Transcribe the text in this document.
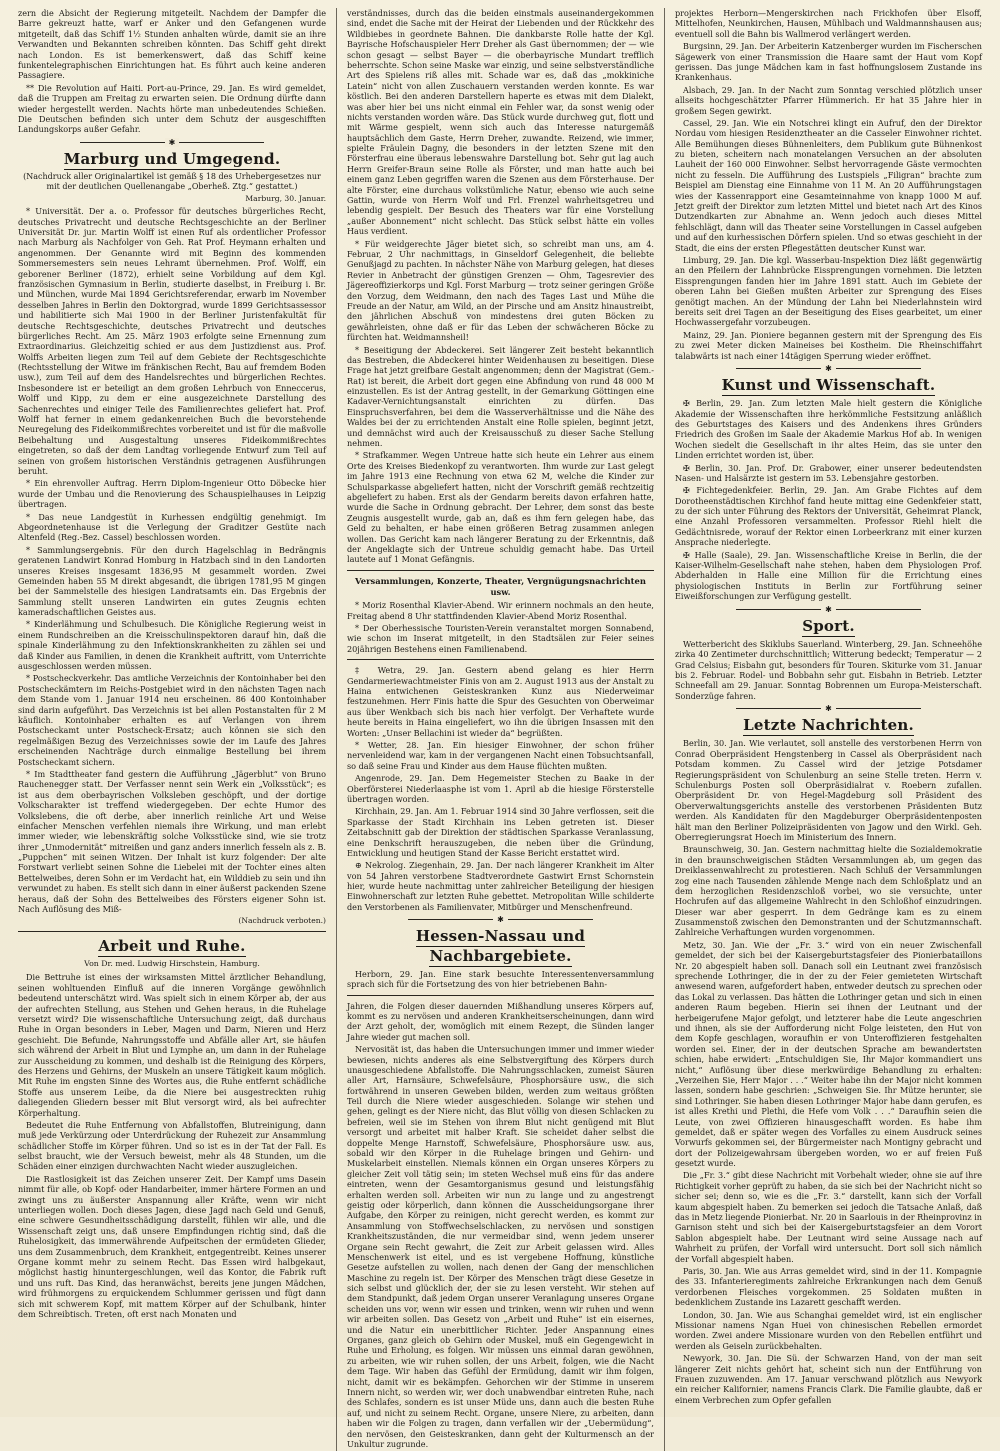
zern die Absicht der Regierung mitgeteilt. Nachdem der Dampfer die Barre gekreuzt hatte, warf er Anker und den Gefangenen wurde mitgeteilt, daß das Schiff 1½ Stunden anhalten würde, damit sie an ihre Verwandten und Bekannten schreiben könnten. Das Schiff geht direkt nach London. Es ist bemerkenswert, daß das Schiff keine funkentelegraphischen Einrichtungen hat. Es führt auch keine anderen Passagiere.

** Die Revolution auf Haiti. Port-au-Prince, 29. Jan. Es wird gemeldet, daß die Truppen am Freitag zu erwarten seien. Die Ordnung dürfte dann wieder hergestellt werden. Nachts hörte man unbedeutendes Schießen. Die Deutschen befinden sich unter dem Schutz der ausgeschifften Landungskorps außer Gefahr.

✱
Marburg und Umgegend.

(Nachdruck aller Originalartikel ist gemäß § 18 des Urhebergesetzes nur mit der deutlichen Quellenangabe „Oberheß. Ztg.“ gestattet.)

Marburg, 30. Januar.

* Universität. Der a. o. Professor für deutsches bürgerliches Recht, deutsches Privatrecht und deutsche Rechtsgeschichte an der Berliner Universität Dr. jur. Martin Wolff ist einen Ruf als ordentlicher Professor nach Marburg als Nachfolger von Geh. Rat Prof. Heymann erhalten und angenommen. Der Genannte wird mit Beginn des kommenden Sommersemesters sein neues Lehramt übernehmen. Prof. Wolff, ein geborener Berliner (1872), erhielt seine Vorbildung auf dem Kgl. französischen Gymnasium in Berlin, studierte daselbst, in Freiburg i. Br. und München, wurde Mai 1894 Gerichtsreferendar, erwarb im November desselben Jahres in Berlin den Doktorgrad, wurde 1899 Gerichtsassessor und habilitierte sich Mai 1900 in der Berliner Juristenfakultät für deutsche Rechtsgeschichte, deutsches Privatrecht und deutsches bürgerliches Recht. Am 25. März 1903 erfolgte seine Ernennung zum Extraordinarius. Gleichzeitig schied er aus dem Justizdienst aus. Prof. Wolffs Arbeiten liegen zum Teil auf dem Gebiete der Rechtsgeschichte (Rechtsstellung der Witwe im fränkischen Recht, Bau auf fremdem Boden usw.), zum Teil auf dem des Handelsrechtes und bürgerlichen Rechtes. Insbesondere ist er beteiligt an dem großen Lehrbuch von Enneccerus, Wolff und Kipp, zu dem er eine ausgezeichnete Darstellung des Sachenrechtes und einiger Teile des Familienrechtes geliefert hat. Prof. Wolff hat ferner in einem gedankenreichen Buch die bevorstehende Neuregelung des Fideikommißrechtes vorbereitet und ist für die maßvolle Beibehaltung und Ausgestaltung unseres Fideikommißrechtes eingetreten, so daß der dem Landtag vorliegende Entwurf zum Teil auf seinen von großem historischen Verständnis getragenen Ausführungen beruht.

* Ein ehrenvoller Auftrag. Herrn Diplom-Ingenieur Otto Döbecke hier wurde der Umbau und die Renovierung des Schauspielhauses in Leipzig übertragen.

* Das neue Landgestüt in Kurhessen endgültig genehmigt. Im Abgeordnetenhause ist die Verlegung der Graditzer Gestüte nach Altenfeld (Reg.-Bez. Cassel) beschlossen worden.

* Sammlungsergebnis. Für den durch Hagelschlag in Bedrängnis geratenen Landwirt Konrad Homburg in Hatzbach sind in den Landorten unseres Kreises insgesamt 1836,95 M gesammelt worden. Zwei Gemeinden haben 55 M direkt abgesandt, die übrigen 1781,95 M gingen bei der Sammelstelle des hiesigen Landratsamts ein. Das Ergebnis der Sammlung stellt unseren Landwirten ein gutes Zeugnis echten kameradschaftlichen Geistes aus.

* Kinderlähmung und Schulbesuch. Die Königliche Regierung weist in einem Rundschreiben an die Kreisschulinspektoren darauf hin, daß die spinale Kinderlähmung zu den Infektionskrankheiten zu zählen sei und daß Kinder aus Familien, in denen die Krankheit auftritt, vom Unterrichte ausgeschlossen werden müssen.

* Postscheckverkehr. Das amtliche Verzeichnis der Kontoinhaber bei den Postscheckämtern im Reichs-Postgebiet wird in den nächsten Tagen nach dem Stande vom 1. Januar 1914 neu erscheinen. 86 400 Kontoinhaber sind darin aufgeführt. Das Verzeichnis ist bei allen Postanstalten für 2 M käuflich. Kontoinhaber erhalten es auf Verlangen von ihrem Postscheckamt unter Postscheck-Ersatz; auch können sie sich den regelmäßigen Bezug des Verzeichnisses sowie der im Laufe des Jahres erscheinenden Nachträge durch einmalige Bestellung bei ihrem Postscheckamt sichern.

* Im Stadttheater fand gestern die Aufführung „Jägerblut“ von Bruno Rauchenegger statt. Der Verfasser nennt sein Werk ein „Volksstück“; es ist aus dem oberbayrischen Volksleben geschöpft, und der dortige Volkscharakter ist treffend wiedergegeben. Der echte Humor des Volkslebens, die oft derbe, aber innerlich reinliche Art und Weise einfacher Menschen verfehlen niemals ihre Wirkung, und man erlebt immer wieder, wie lebenskräftig solche Volksstücke sind, wie sie trotz ihrer „Unmodernität“ mitreißen und ganz anders innerlich fesseln als z. B. „Puppchen“ mit seinen Witzen. Der Inhalt ist kurz folgender: Der alte Forstwart verliebt seinen Sohne die Liebelei mit der Tochter eines alten Bettelweibes, deren Sohn er im Verdacht hat, ein Wilddieb zu sein und ihn verwundet zu haben. Es stellt sich dann in einer äußerst packenden Szene heraus, daß der Sohn des Bettelweibes des Försters eigener Sohn ist. Nach Auflösung des Miß-

(Nachdruck verboten.)
Arbeit und Ruhe.
Von Dr. med. Ludwig Hirschstein, Hamburg.

Die Bettruhe ist eines der wirksamsten Mittel ärztlicher Behandlung, seinen wohltuenden Einfluß auf die inneren Vorgänge gewöhnlich bedeutend unterschätzt wird. Was spielt sich in einem Körper ab, der aus der aufrechten Stellung, aus Stehen und Gehen heraus, in die Ruhelage versetzt wird? Die wissenschaftliche Untersuchung zeigt, daß durchaus Ruhe in Organ besonders in Leber, Magen und Darm, Nieren und Herz geschieht. Die Befunde, Nahrungsstoffe und Abfälle aller Art, sie häufen sich während der Arbeit in Blut und Lymphe an, um dann in der Ruhelage zur Ausscheidung zu kommen, und deshalb ist die Reinigung des Körpers, des Herzens und Gehirns, der Muskeln an unsere Tätigkeit kaum möglich. Mit Ruhe im engsten Sinne des Wortes aus, die Ruhe entfernt schädliche Stoffe aus unserem Leibe, da die Niere bei ausgestreckten ruhig daliegenden Gliedern besser mit Blut versorgt wird, als bei aufrechter Körperhaltung.

Bedeutet die Ruhe Entfernung von Abfallstoffen, Blutreinigung, dann muß jede Verkürzung oder Unterdrückung der Ruhezeit zur Ansammlung schädlicher Stoffe im Körper führen. Und so ist es in der Tat der Fall. Es selbst braucht, wie der Versuch beweist, mehr als 48 Stunden, um die Schäden einer einzigen durchwachten Nacht wieder auszugleichen.

Die Rastlosigkeit ist das Zeichen unserer Zeit. Der Kampf ums Dasein nimmt für alle, ob Kopf- oder Handarbeiter, immer härtere Formen an und zwingt uns zu äußerster Anspannung aller Kräfte, wenn wir nicht unterliegen wollen. Doch dieses Jagen, diese Jagd nach Geld und Genuß, eine schwere Gesundheitsschädigung darstellt, fühlen wir alle, und die Wissenschaft zeigt uns, daß unsere Empfindungen richtig sind, daß die Ruhelosigkeit, das immerwährende Aufpeitschen der ermüdeten Glieder, uns dem Zusammenbruch, dem Krankheit, entgegentreibt. Keines unserer Organe kommt mehr zu seinem Recht. Das Essen wird halbgekaut, möglichst hastig hinuntergeschlungen, weil das Kontor, die Fabrik ruft und uns ruft. Das Kind, das heranwächst, bereits jene jungen Mädchen, wird frühmorgens zu erquickendem Schlummer gerissen und fügt dann sich mit schwerem Kopf, mit mattem Körper auf der Schulbank, hinter dem Schreibtisch. Treten, oft erst nach Monaten und

verständnisses, durch das die beiden einstmals auseinandergekommen sind, endet die Sache mit der Heirat der Liebenden und der Rückkehr des Wildbiebes in geordnete Bahnen. Die dankbarste Rolle hatte der Kgl. Bayrische Hofschauspieler Herr Dreher als Gast übernommen; der — wie schon gesagt — selbst Bayer — die oberbayrische Mundart trefflich beherrschte. Schon seine Maske war einzig, und seine selbstverständliche Art des Spielens riß alles mit. Schade war es, daß das „mokkiniche Latein“ nicht von allen Zuschauern verstanden werden konnte. Es war köstlich. Bei den anderen Darstellern haperte es etwas mit dem Dialekt, was aber hier bei uns nicht einmal ein Fehler war, da sonst wenig oder nichts verstanden worden wäre. Das Stück wurde durchweg gut, flott und mit Wärme gespielt, wenn sich auch das Interesse naturgemäß hauptsächlich dem Gaste, Herrn Dreher, zuwandte. Reizend, wie immer, spielte Fräulein Dagny, die besonders in der letzten Szene mit den Försterfrau eine überaus lebenswahre Darstellung bot. Sehr gut lag auch Herrn Greifer-Braun seine Rolle als Förster, und man hatte auch bei einem ganz Leben gegriffen waren die Szenen aus dem Försterhause. Der alte Förster, eine durchaus volkstümliche Natur, ebenso wie auch seine Gattin, wurde von Herrn Wolf und Frl. Frenzel wahrheitsgetreu und lebendig gespielt. Der Besuch des Theaters war für eine Vorstellung „außer Abonnement“ nicht schlecht. Das Stück selbst hätte ein volles Haus verdient.

* Für weidgerechte Jäger bietet sich, so schreibt man uns, am 4. Februar, 2 Uhr nachmittags, in Ginseldorf Gelegenheit, die beliebte Genußjagd zu pachten. In nächster Nähe von Marburg gelegen, hat dieses Revier in Anbetracht der günstigen Grenzen — Ohm, Tagesrevier des Jägereoffizierkorps und Kgl. Forst Marburg — trotz seiner geringen Größe den Vorzug, dem Weidmann, den nach des Tages Last und Mühe die Freude an der Natur, am Wild, an der Pirsche und am Ansitz hinaustreibt, den jährlichen Abschuß von mindestens drei guten Böcken zu gewährleisten, ohne daß er für das Leben der schwächeren Böcke zu fürchten hat. Weidmannsheil!

* Beseitigung der Abdeckerei. Seit längerer Zeit besteht bekanntlich das Bestreben, die Abdeckerei hinter Weidenhausen zu beseitigen. Diese Frage hat jetzt greifbare Gestalt angenommen; denn der Magistrat (Gem.-Rat) ist bereit, die Arbeit dort gegen eine Abfindung von rund 48 000 M einzustellen. Es ist der Antrag gestellt, in der Gemarkung Göttingen eine Kadaver-Vernichtungsanstalt einrichten zu dürfen. Das Einspruchsverfahren, bei dem die Wasserverhältnisse und die Nähe des Waldes bei der zu errichtenden Anstalt eine Rolle spielen, beginnt jetzt, und demnächst wird auch der Kreisausschuß zu dieser Sache Stellung nehmen.

* Strafkammer. Wegen Untreue hatte sich heute ein Lehrer aus einem Orte des Kreises Biedenkopf zu verantworten. Ihm wurde zur Last gelegt im Jahre 1913 eine Rechnung von etwa 62 M, welche die Kinder zur Schulsparkasse abgeliefert hatten, nicht der Vorschrift gemäß rechtzeitig abgeliefert zu haben. Erst als der Gendarm bereits davon erfahren hatte, wurde die Sache in Ordnung gebracht. Der Lehrer, dem sonst das beste Zeugnis ausgestellt wurde, gab an, daß es ihm fern gelegen habe, das Geld zu behalten, er habe einen größeren Betrag zusammen anlegen wollen. Das Gericht kam nach längerer Beratung zu der Erkenntnis, daß der Angeklagte sich der Untreue schuldig gemacht habe. Das Urteil lautete auf 1 Monat Gefängnis.

Versammlungen, Konzerte, Theater, Vergnügungsnachrichten usw.

* Moriz Rosenthal Klavier-Abend. Wir erinnern nochmals an den heute, Freitag abend 8 Uhr stattfindenden Klavier-Abend Moriz Rosenthal.

* Der Oberhessische Touristen-Verein veranstaltet morgen Sonnabend, wie schon im Inserat mitgeteilt, in den Stadtsälen zur Feier seines 20jährigen Bestehens einen Familienabend.

‡ Wetra, 29. Jan. Gestern abend gelang es hier Herrn Gendarmeriewachtmeister Finis von am 2. August 1913 aus der Anstalt zu Haina entwichenen Geisteskranken Kunz aus Niederweimar festzunehmen. Herr Finis hatte die Spur des Gesuchten von Oberweimar aus über Wenkbach sich bis nach hier verfolgt. Der Verhaftete wurde heute bereits in Haina eingeliefert, wo ihn die übrigen Insassen mit den Worten: „Unser Bellachini ist wieder da“ begrüßten.

* Wetter, 28. Jan. Ein hiesiger Einwohner, der schon früher nervenleidend war, kam in der vergangenen Nacht einen Tobsuchtsanfall, so daß seine Frau und Kinder aus dem Hause flüchten mußten.

Angenrode, 29. Jan. Dem Hegemeister Stechen zu Baake in der Oberförsterei Niederlaasphe ist vom 1. April ab die hiesige Försterstelle übertragen worden.

Kirchhain, 29. Jan. Am 1. Februar 1914 sind 30 Jahre verflossen, seit die Sparkasse der Stadt Kirchhain ins Leben getreten ist. Dieser Zeitabschnitt gab der Direktion der städtischen Sparkasse Veranlassung, eine Denkschrift herauszugeben, die neben über die Gründung, Entwicklung und heutigen Stand der Kasse Bericht erstattet wird.

⊕ Nekrolog. Ziegenhain, 29. Jan. Der nach längerer Krankheit im Alter von 54 Jahren verstorbene Stadtverordnete Gastwirt Ernst Schornstein hier, wurde heute nachmittag unter zahlreicher Beteiligung der hiesigen Einwohnerschaft zur letzten Ruhe gebettet. Metropolitan Wille schilderte den Verstorbenen als Familienvater, Mitbürger und Menschenfreund.

✱
Hessen-Nassau und Nachbargebiete.

Herborn, 29. Jan. Eine stark besuchte Interessentenversammlung sprach sich für die Fortsetzung des von hier betriebenen Bahn-

Jahren, die Folgen dieser dauernden Mißhandlung unseres Körpers auf, kommt es zu nervösen und anderen Krankheitserscheinungen, dann wird der Arzt geholt, der, womöglich mit einem Rezept, die Sünden langer Jahre wieder gut machen soll.

Nervosität ist, das haben die Untersuchungen immer und immer wieder bewiesen, nichts anderes als eine Selbstvergiftung des Körpers durch unausgeschiedene Abfallstoffe. Die Nahrungsschlacken, zumeist Säuren aller Art, Harnsäure, Schwefelsäure, Phosphorsäure usw., die sich fortwährend in unseren Geweben bilden, werden zum weitaus größten Teil durch die Niere wieder ausgeschieden. Solange wir stehen und gehen, gelingt es der Niere nicht, das Blut völlig von diesen Schlacken zu befreien, weil sie im Stehen von ihrem Blut nicht genügend mit Blut versorgt und arbeitet mit halber Kraft. Sie scheidet daher selbst die doppelte Menge Harnstoff, Schwefelsäure, Phosphorsäure usw. aus, sobald wir den Körper in die Ruhelage bringen und Gehirn- und Muskelarbeit einstellen. Niemals können ein Organ unseres Körpers zu gleicher Zeit voll tätig sein; im steten Wechsel muß eins für das andere eintreten, wenn der Gesamtorganismus gesund und leistungsfähig erhalten werden soll. Arbeiten wir nun zu lange und zu angestrengt geistig oder körperlich, dann können die Ausscheidungsorgane ihrer Aufgabe, den Körper zu reinigen, nicht gerecht werden, es kommt zur Ansammlung von Stoffwechselschlacken, zu nervösen und sonstigen Krankheitszuständen, die nur vermeidbar sind, wenn jedem unserer Organe sein Recht gewahrt, die Zeit zur Arbeit gelassen wird. Alles Menschenwerk ist eitel, und es ist vergebene Hoffnung, künstliche Gesetze aufstellen zu wollen, nach denen der Gang der menschlichen Maschine zu regeln ist. Der Körper des Menschen trägt diese Gesetze in sich selbst und glücklich der, der sie zu lesen versteht. Wir stehen auf dem Standpunkt, daß jedem Organ unserer Veranlagung unseres Organe scheiden uns vor, wenn wir essen und trinken, wenn wir ruhen und wenn wir arbeiten sollen. Das Gesetz von „Arbeit und Ruhe“ ist ein eisernes, und die Natur ein unerbittlicher Richter. Jeder Anspannung eines Organes, ganz gleich ob Gehirn oder Muskel, muß ein Gegengewicht in Ruhe und Erholung, es folgen. Wir müssen uns einmal daran gewöhnen, zu arbeiten, wie wir ruhen sollen, der uns Arbeit, folgen, wie die Nacht dem Tage. Wir haben das Gefühl der Ermüdung, damit wir ihm folgen, nicht, damit wir es bekämpfen. Gehorchen wir der Stimme in unserem Innern nicht, so werden wir, wer doch unabwendbar eintreten Ruhe, nach des Schlafes, sondern es ist unser Müde uns, dann auch die besten Ruhe auf, und nicht zu seinem Recht. Organe, unsere Niere, zu arbeiten, dann haben wir die Folgen zu tragen, dann verfallen wir der „Uebermüdung“, den nervösen, den Geisteskranken, dann geht der Kulturmensch an der Unkultur zugrunde.

projektes Herborn—Mengerskirchen nach Frickhofen über Elsoff, Mittelhofen, Neunkirchen, Hausen, Mühlbach und Waldmannshausen aus; eventuell soll die Bahn bis Wallmerod verlängert werden.

Burgsinn, 29. Jan. Der Arbeiterin Katzenberger wurden im Fischerschen Sägewerk von einer Transmission die Haare samt der Haut vom Kopf gerissen. Das junge Mädchen kam in fast hoffnungslosem Zustande ins Krankenhaus.

Alsbach, 29. Jan. In der Nacht zum Sonntag verschied plötzlich unser allseits hochgeschätzter Pfarrer Hümmerich. Er hat 35 Jahre hier in großem Segen gewirkt.

Cassel, 29. Jan. Wie ein Notschrei klingt ein Aufruf, den der Direktor Nordau vom hiesigen Residenztheater an die Casseler Einwohner richtet. Alle Bemühungen dieses Bühnenleiters, dem Publikum gute Bühnenkost zu bieten, scheitern nach monatelangen Versuchen an der absoluten Lauheit der 160 000 Einwohner. Selbst hervorragende Gäste vermochten nicht zu fesseln. Die Aufführung des Lustspiels „Filigran“ brachte zum Beispiel am Dienstag eine Einnahme von 11 M. An 20 Aufführungstagen wies der Kassenrapport eine Gesamteinnahme von knapp 1000 M auf. Jetzt greift der Direktor zum letzten Mittel und bietet nach Art des Kinos Dutzendkarten zur Abnahme an. Wenn jedoch auch dieses Mittel fehlschlägt, dann will das Theater seine Vorstellungen in Cassel aufgeben und auf den kurhessischen Dörfern spielen. Und so etwas geschieht in der Stadt, die eins der ersten Pflegestätten deutscher Kunst war.

Limburg, 29. Jan. Die kgl. Wasserbau-Inspektion Diez läßt gegenwärtig an den Pfeilern der Lahnbrücke Eissprengungen vornehmen. Die letzten Eissprengungen fanden hier im Jahre 1891 statt. Auch im Gebiete der oberen Lahn bei Gießen mußten Arbeiter zur Sprengung des Eises genötigt machen. An der Mündung der Lahn bei Niederlahnstein wird bereits seit drei Tagen an der Beseitigung des Eises gearbeitet, um einer Hochwassergefahr vorzubeugen.

Mainz, 29. Jan. Pioniere begannen gestern mit der Sprengung des Eis zu zwei Meter dicken Maineises bei Kostheim. Die Rheinschiffahrt talabwärts ist nach einer 14tägigen Sperrung wieder eröffnet.

✱
Kunst und Wissenschaft.

✠ Berlin, 29. Jan. Zum letzten Male hielt gestern die Königliche Akademie der Wissenschaften ihre herkömmliche Festsitzung anläßlich des Geburtstages des Kaisers und des Andenkens ihres Gründers Friedrich des Großen im Saale der Akademie Markus Hof ab. In wenigen Wochen siedelt die Gesellschaft in ihr altes Heim, das sie unter den Linden errichtet worden ist, über.

✠ Berlin, 30. Jan. Prof. Dr. Grabower, einer unserer bedeutendsten Nasen- und Halsärzte ist gestern im 53. Lebensjahre gestorben.

✠ Fichtegedenkfeier. Berlin, 29. Jan. Am Grabe Fichtes auf dem Dorotheenstädtischen Kirchhof fand heute mittag eine Gedenkfeier statt, zu der sich unter Führung des Rektors der Universität, Geheimrat Planck, eine Anzahl Professoren versammelten. Professor Riehl hielt die Gedächtnisrede, worauf der Rektor einen Lorbeerkranz mit einer kurzen Ansprache niederlegte.

✠ Halle (Saale), 29. Jan. Wissenschaftliche Kreise in Berlin, die der Kaiser-Wilhelm-Gesellschaft nahe stehen, haben dem Physiologen Prof. Abderhalden in Halle eine Million für die Errichtung eines physiologischen Instituts in Berlin zur Fortführung seiner Eiweißforschungen zur Verfügung gestellt.

✱
Sport.

Wetterbericht des Skiklubs Sauerland. Winterberg, 29. Jan. Schneehöhe zirka 40 Zentimeter durchschnittlich; Witterung bedeckt; Temperatur — 2 Grad Celsius; Eisbahn gut, besonders für Touren. Skiturke vom 31. Januar bis 2. Februar. Rodel- und Bobbahn sehr gut. Eisbahn in Betrieb. Letzter Schneefall am 29. Januar. Sonntag Bobrennen um Europa-Meisterschaft. Sonderzüge fahren.

✱
Letzte Nachrichten.

Berlin, 30. Jan. Wie verlautet, soll anstelle des verstorbenen Herrn von Conrad Oberpräsident Hengstenberg in Cassel als Oberpräsident nach Potsdam kommen. Zu Cassel wird der jetzige Potsdamer Regierungspräsident von Schulenburg an seine Stelle treten. Herrn v. Schulenburgs Posten soll Oberpräsidialrat v. Roebern zufallen. Oberpräsident Dr. von Hegel-Magdeburg soll Präsident des Oberverwaltungsgerichts anstelle des verstorbenen Präsidenten Butz werden. Als Kandidaten für den Magdeburger Oberpräsidentenposten hält man den Berliner Polizeipräsidenten von Jagow und den Wirkl. Geh. Oberregierungsrat Hoech im Ministerium des Innern.

Braunschweig, 30. Jan. Gestern nachmittag hielte die Sozialdemokratie in den braunschweigischen Städten Versammlungen ab, um gegen das Dreiklassenwahlrecht zu protestieren. Nach Schluß der Versammlungen zog eine nach Tausenden zählende Menge nach dem Schloßplatz und an dem herzoglichen Residenzschloß vorbei, wo sie versuchte, unter Hochrufen auf das allgemeine Wahlrecht in den Schloßhof einzudringen. Dieser war aber gesperrt. In dem Gedränge kam es zu einem Zusammenstoß zwischen den Demonstranten und der Schutzmannschaft. Zahlreiche Verhaftungen wurden vorgenommen.

Metz, 30. Jan. Wie der „Fr. 3.“ wird von ein neuer Zwischenfall gemeldet, der sich bei der Kaisergeburtstagsfeier des Pionierbataillons Nr. 20 abgespielt haben soll. Danach soll ein Leutnant zwei französisch sprechende Lothringer, die in der zu der Feier gemieteten Wirtschaft anwesend waren, aufgefordert haben, entweder deutsch zu sprechen oder das Lokal zu verlassen. Das hätten die Lothringer getan und sich in einen anderen Raum begeben. Hierin sei ihnen der Leutnant und der herbeigerufene Major gefolgt, und letzterer habe die Leute angeschrien und ihnen, als sie der Aufforderung nicht Folge leisteten, den Hut von dem Kopfe geschlagen, woraufhin er von Unteroffizieren festgehalten worden sei. Einer, der in der deutschen Sprache am bewandertsten schien, habe erwidert: „Entschuldigen Sie, Ihr Major kommandiert uns nicht,“ Auflösung über diese merkwürdige Behandlung zu erhalten: „Verzeihen Sie, Herr Major . . .“ Weiter habe ihn der Major nicht kommen lassen, sondern habe geschrien: „Schweigen Sie. Ihr Mütze herunter, sie sind Lothringer. Sie haben diesen Lothringer Major habe dann gerufen, es ist alles Krethi und Plethi, die Hefe vom Volk . . .“ Daraufhin seien die Leute, von zwei Offizieren hinausgeschafft worden. Es habe ihm gemeldet, daß er später wegen des Vorfalles zu einem Ausdruck seines Vorwurfs gekommen sei, der Bürgermeister nach Montigny gebracht und dort der Polizeigewahrsam übergeben worden, wo er auf freien Fuß gesetzt wurde.

Die „Fr. 3.“ gibt diese Nachricht mit Vorbehalt wieder, ohne sie auf ihre Richtigkeit vorher geprüft zu haben, da sie sich bei der Nachricht nicht so sicher sei; denn so, wie es die „Fr. 3.“ darstellt, kann sich der Vorfall kaum abgespielt haben. Zu bemerken sei jedoch die Tatsache Anlaß, daß das in Metz liegende Pionierbat. Nr. 20 in Saarlouis in der Rheinprovinz in Garnison steht und sich bei der Kaisergeburtstagsfeier an dem Vorort Sablon abgespielt habe. Der Leutnant wird seine Aussage nach auf Wahrheit zu prüfen, der Vorfall wird untersucht. Dort soll sich nämlich der Vorfall abgespielt haben.

Paris, 30. Jan. Wie aus Arras gemeldet wird, sind in der 11. Kompagnie des 33. Infanterieregiments zahlreiche Erkrankungen nach dem Genuß verdorbenen Fleisches vorgekommen. 25 Soldaten mußten in bedenklichem Zustande ins Lazarett geschafft werden.

London, 30. Jan. Wie aus Schanghai gemeldet wird, ist ein englischer Missionar namens Ngan Huei von chinesischen Rebellen ermordet worden. Zwei andere Missionare wurden von den Rebellen entführt und werden als Geiseln zurückbehalten.

Newyork, 30. Jan. Die Sü. der Schwarzen Hand, von der man seit längerer Zeit nichts gehört hat, scheint sich nun der Entführung von Frauen zuzuwenden. Am 17. Januar verschwand plötzlich aus Newyork ein reicher Kalifornier, namens Francis Clark. Die Familie glaubte, daß er einem Verbrechen zum Opfer gefallen
